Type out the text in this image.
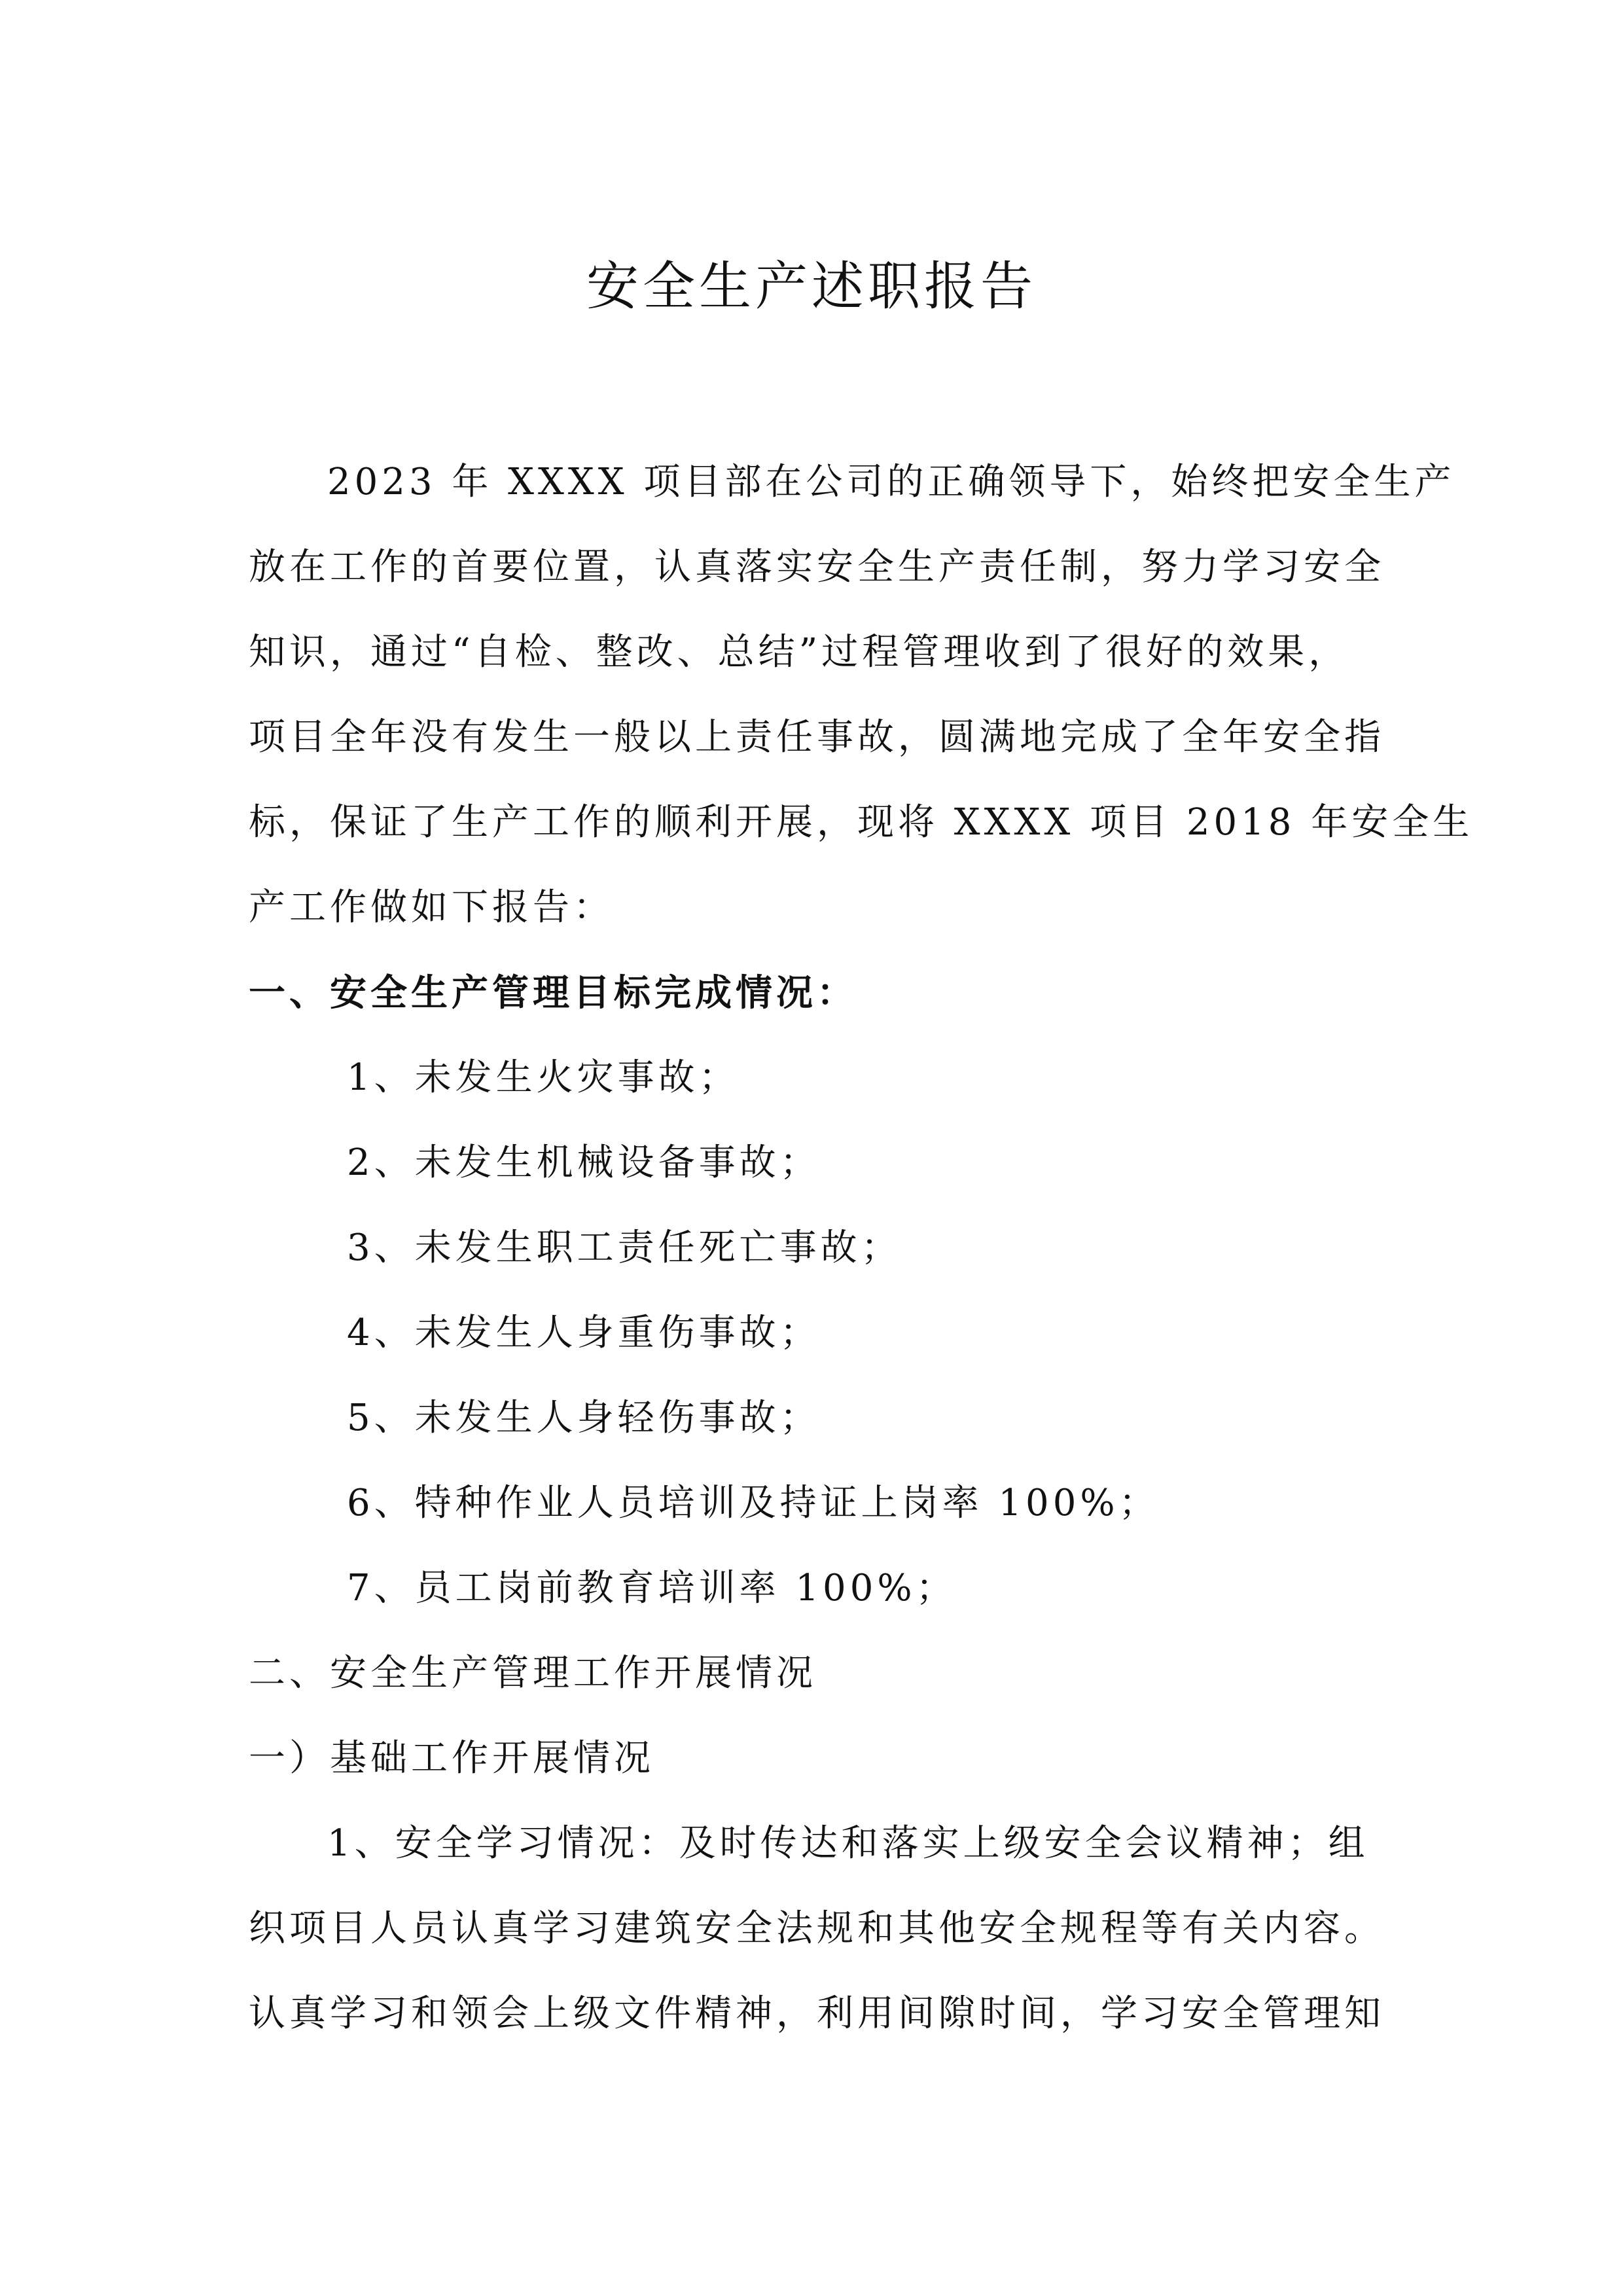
安全生产述职报告
2023 年 XXXX 项目部在公司的正确领导下，始终把安全生产
放在工作的首要位置，认真落实安全生产责任制，努力学习安全
知识，通过“自检、整改、总结”过程管理收到了很好的效果，
项目全年没有发生一般以上责任事故，圆满地完成了全年安全指
标，保证了生产工作的顺利开展，现将 XXXX 项目 2018 年安全生
产工作做如下报告：
一、安全生产管理目标完成情况：
1、未发生火灾事故；
2、未发生机械设备事故；
3、未发生职工责任死亡事故；
4、未发生人身重伤事故；
5、未发生人身轻伤事故；
6、特种作业人员培训及持证上岗率 100%；
7、员工岗前教育培训率 100%；
二、安全生产管理工作开展情况
一）基础工作开展情况
1、安全学习情况：及时传达和落实上级安全会议精神；组
织项目人员认真学习建筑安全法规和其他安全规程等有关内容。
认真学习和领会上级文件精神，利用间隙时间，学习安全管理知
